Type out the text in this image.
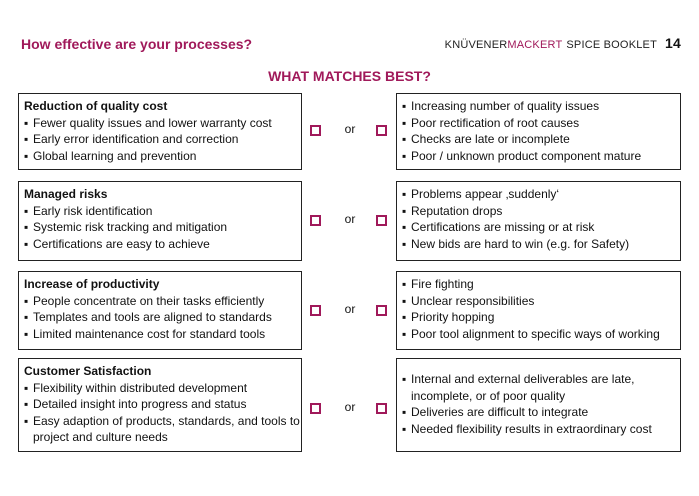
How effective are your processes?	KNÜVENERMACKERT SPICE BOOKLET 14
WHAT MATCHES BEST?
Reduction of quality cost
▪ Fewer quality issues and lower warranty cost
▪ Early error identification and correction
▪ Global learning and prevention
or
▪ Increasing number of quality issues
▪ Poor rectification of root causes
▪ Checks are late or incomplete
▪ Poor / unknown product component mature
Managed risks
▪ Early risk identification
▪ Systemic risk tracking and mitigation
▪ Certifications are easy to achieve
or
▪ Problems appear ‚suddenly‘
▪ Reputation drops
▪ Certifications are missing or at risk
▪ New bids are hard to win (e.g. for Safety)
Increase of productivity
▪ People concentrate on their tasks efficiently
▪ Templates and tools are aligned to standards
▪ Limited maintenance cost for standard tools
or
▪ Fire fighting
▪ Unclear responsibilities
▪ Priority hopping
▪ Poor tool alignment to specific ways of working
Customer Satisfaction
▪ Flexibility within distributed development
▪ Detailed insight into progress and status
▪ Easy adaption of products, standards, and tools to
project and culture needs
or
▪ Internal and external deliverables are late,
incomplete, or of poor quality
▪ Deliveries are difficult to integrate
▪ Needed flexibility results in extraordinary cost
